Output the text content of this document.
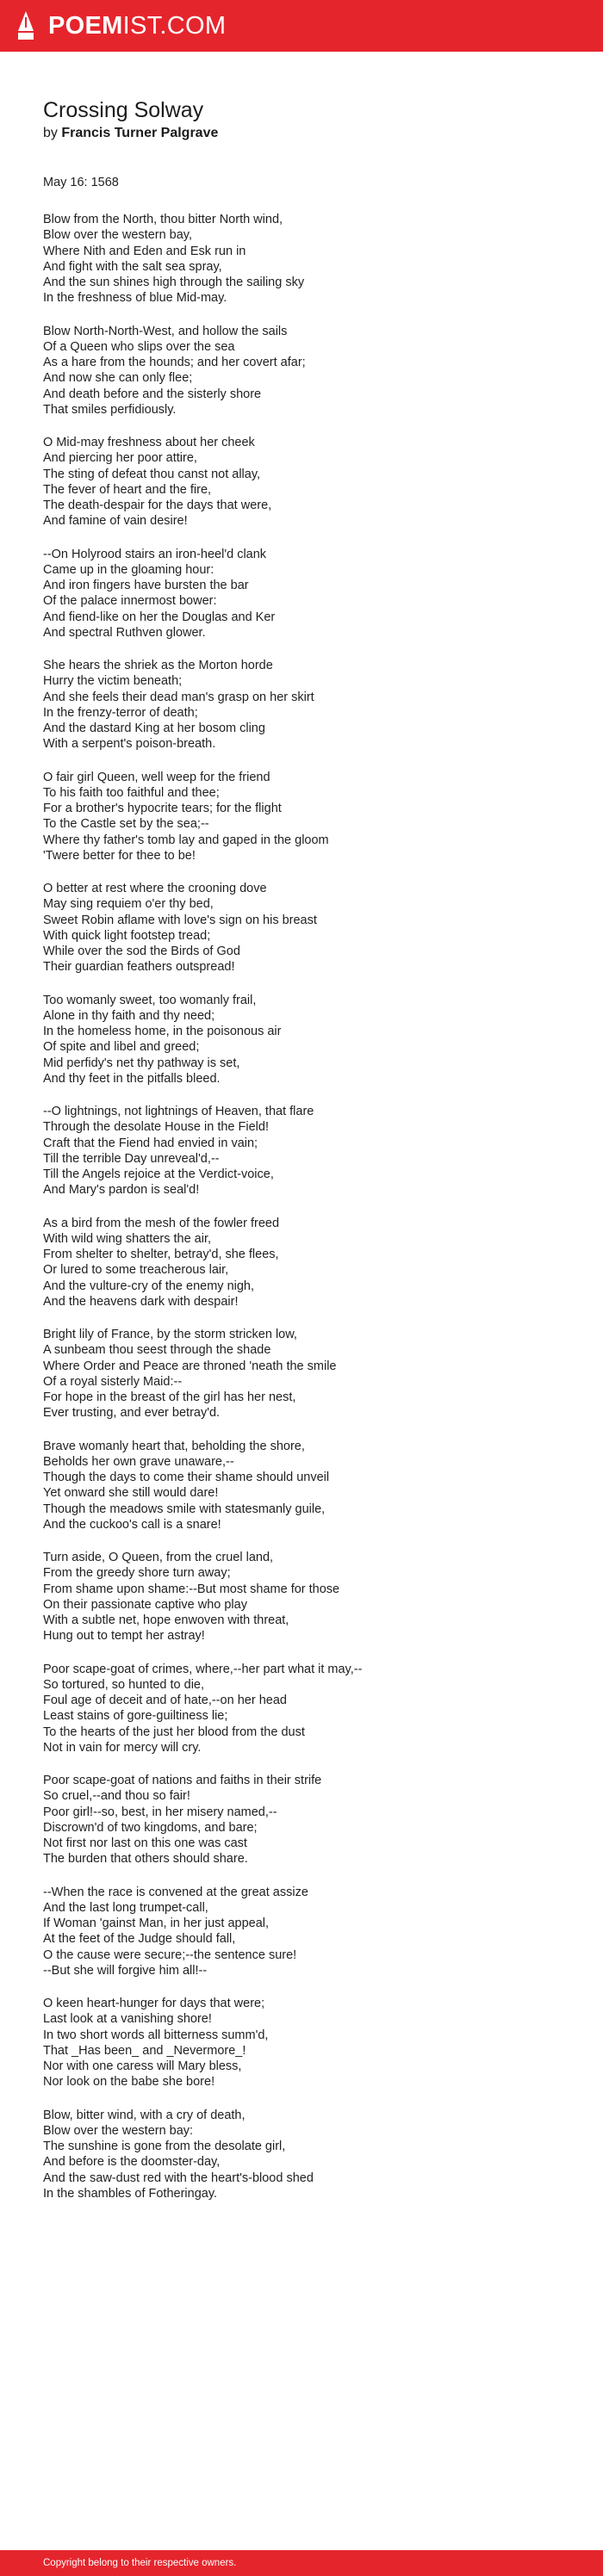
POEMIST.COM
Crossing Solway

by Francis Turner Palgrave

May 16: 1568
Blow from the North, thou bitter North wind,
Blow over the western bay,
Where Nith and Eden and Esk run in
And fight with the salt sea spray,
And the sun shines high through the sailing sky
In the freshness of blue Mid-may.
Blow North-North-West, and hollow the sails
Of a Queen who slips over the sea
As a hare from the hounds; and her covert afar;
And now she can only flee;
And death before and the sisterly shore
That smiles perfidiously.
O Mid-may freshness about her cheek
And piercing her poor attire,
The sting of defeat thou canst not allay,
The fever of heart and the fire,
The death-despair for the days that were,
And famine of vain desire!
--On Holyrood stairs an iron-heel'd clank
Came up in the gloaming hour:
And iron fingers have bursten the bar
Of the palace innermost bower:
And fiend-like on her the Douglas and Ker
And spectral Ruthven glower.
She hears the shriek as the Morton horde
Hurry the victim beneath;
And she feels their dead man's grasp on her skirt
In the frenzy-terror of death;
And the dastard King at her bosom cling
With a serpent's poison-breath.
O fair girl Queen, well weep for the friend
To his faith too faithful and thee;
For a brother's hypocrite tears; for the flight
To the Castle set by the sea;--
Where thy father's tomb lay and gaped in the gloom
'Twere better for thee to be!
O better at rest where the crooning dove
May sing requiem o'er thy bed,
Sweet Robin aflame with love's sign on his breast
With quick light footstep tread;
While over the sod the Birds of God
Their guardian feathers outspread!
Too womanly sweet, too womanly frail,
Alone in thy faith and thy need;
In the homeless home, in the poisonous air
Of spite and libel and greed;
Mid perfidy's net thy pathway is set,
And thy feet in the pitfalls bleed.
--O lightnings, not lightnings of Heaven, that flare
Through the desolate House in the Field!
Craft that the Fiend had envied in vain;
Till the terrible Day unreveal'd,--
Till the Angels rejoice at the Verdict-voice,
And Mary's pardon is seal'd!
As a bird from the mesh of the fowler freed
With wild wing shatters the air,
From shelter to shelter, betray'd, she flees,
Or lured to some treacherous lair,
And the vulture-cry of the enemy nigh,
And the heavens dark with despair!
Bright lily of France, by the storm stricken low,
A sunbeam thou seest through the shade
Where Order and Peace are throned 'neath the smile
Of a royal sisterly Maid:--
For hope in the breast of the girl has her nest,
Ever trusting, and ever betray'd.
Brave womanly heart that, beholding the shore,
Beholds her own grave unaware,--
Though the days to come their shame should unveil
Yet onward she still would dare!
Though the meadows smile with statesmanly guile,
And the cuckoo's call is a snare!
Turn aside, O Queen, from the cruel land,
From the greedy shore turn away;
From shame upon shame:--But most shame for those
On their passionate captive who play
With a subtle net, hope enwoven with threat,
Hung out to tempt her astray!
Poor scape-goat of crimes, where,--her part what it may,--
So tortured, so hunted to die,
Foul age of deceit and of hate,--on her head
Least stains of gore-guiltiness lie;
To the hearts of the just her blood from the dust
Not in vain for mercy will cry.
Poor scape-goat of nations and faiths in their strife
So cruel,--and thou so fair!
Poor girl!--so, best, in her misery named,--
Discrown'd of two kingdoms, and bare;
Not first nor last on this one was cast
The burden that others should share.
--When the race is convened at the great assize
And the last long trumpet-call,
If Woman 'gainst Man, in her just appeal,
At the feet of the Judge should fall,
O the cause were secure;--the sentence sure!
--But she will forgive him all!--
O keen heart-hunger for days that were;
Last look at a vanishing shore!
In two short words all bitterness summ'd,
That _Has been_ and _Nevermore_!
Nor with one caress will Mary bless,
Nor look on the babe she bore!
Blow, bitter wind, with a cry of death,
Blow over the western bay:
The sunshine is gone from the desolate girl,
And before is the doomster-day,
And the saw-dust red with the heart's-blood shed
In the shambles of Fotheringay.
Copyright belong to their respective owners.
